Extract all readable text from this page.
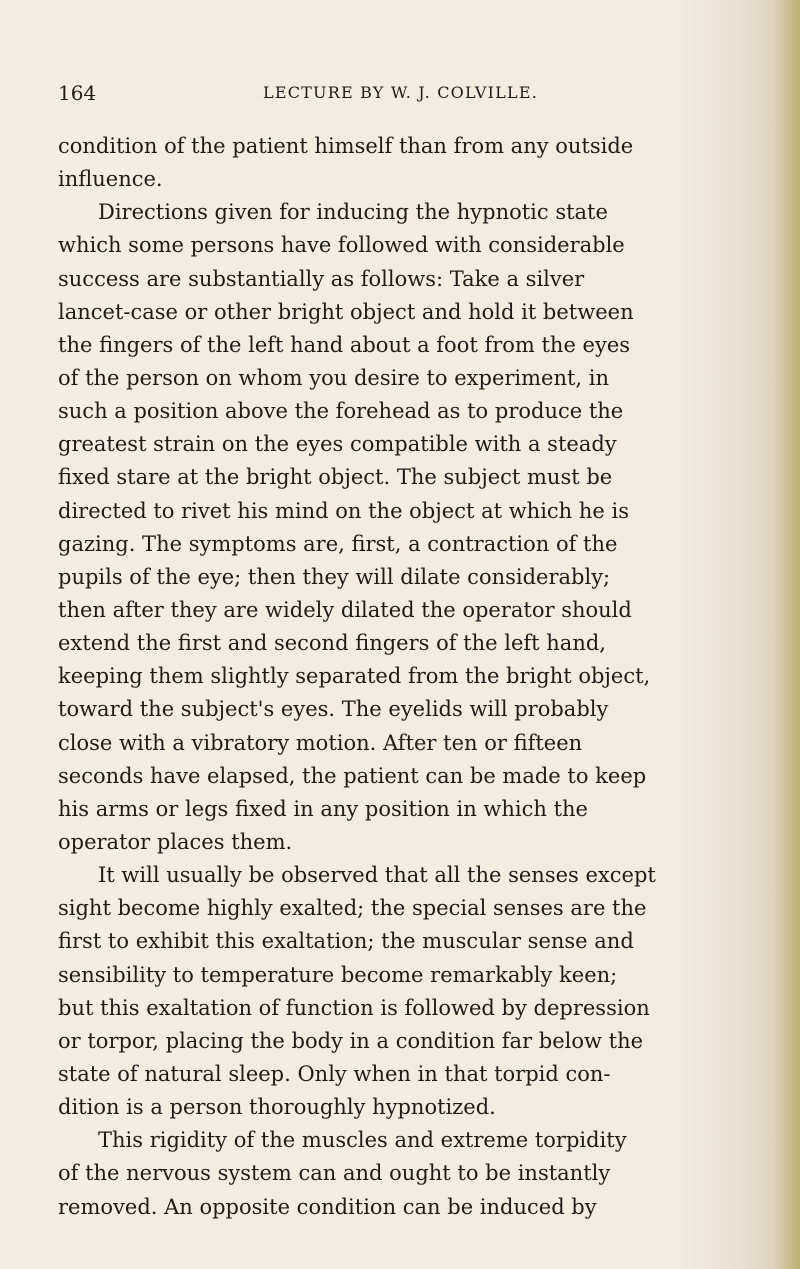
164	LECTURE BY W. J. COLVILLE.
condition of the patient himself than from any outside
influence.
Directions given for inducing the hypnotic state
which some persons have followed with considerable
success are substantially as follows: Take a silver
lancet-case or other bright object and hold it between
the fingers of the left hand about a foot from the eyes
of the person on whom you desire to experiment, in
such a position above the forehead as to produce the
greatest strain on the eyes compatible with a steady
fixed stare at the bright object. The subject must be
directed to rivet his mind on the object at which he is
gazing. The symptoms are, first, a contraction of the
pupils of the eye; then they will dilate considerably;
then after they are widely dilated the operator should
extend the first and second fingers of the left hand,
keeping them slightly separated from the bright object,
toward the subject's eyes. The eyelids will probably
close with a vibratory motion. After ten or fifteen
seconds have elapsed, the patient can be made to keep
his arms or legs fixed in any position in which the
operator places them.
It will usually be observed that all the senses except
sight become highly exalted; the special senses are the
first to exhibit this exaltation; the muscular sense and
sensibility to temperature become remarkably keen;
but this exaltation of function is followed by depression
or torpor, placing the body in a condition far below the
state of natural sleep. Only when in that torpid con-
dition is a person thoroughly hypnotized.
This rigidity of the muscles and extreme torpidity
of the nervous system can and ought to be instantly
removed. An opposite condition can be induced by
